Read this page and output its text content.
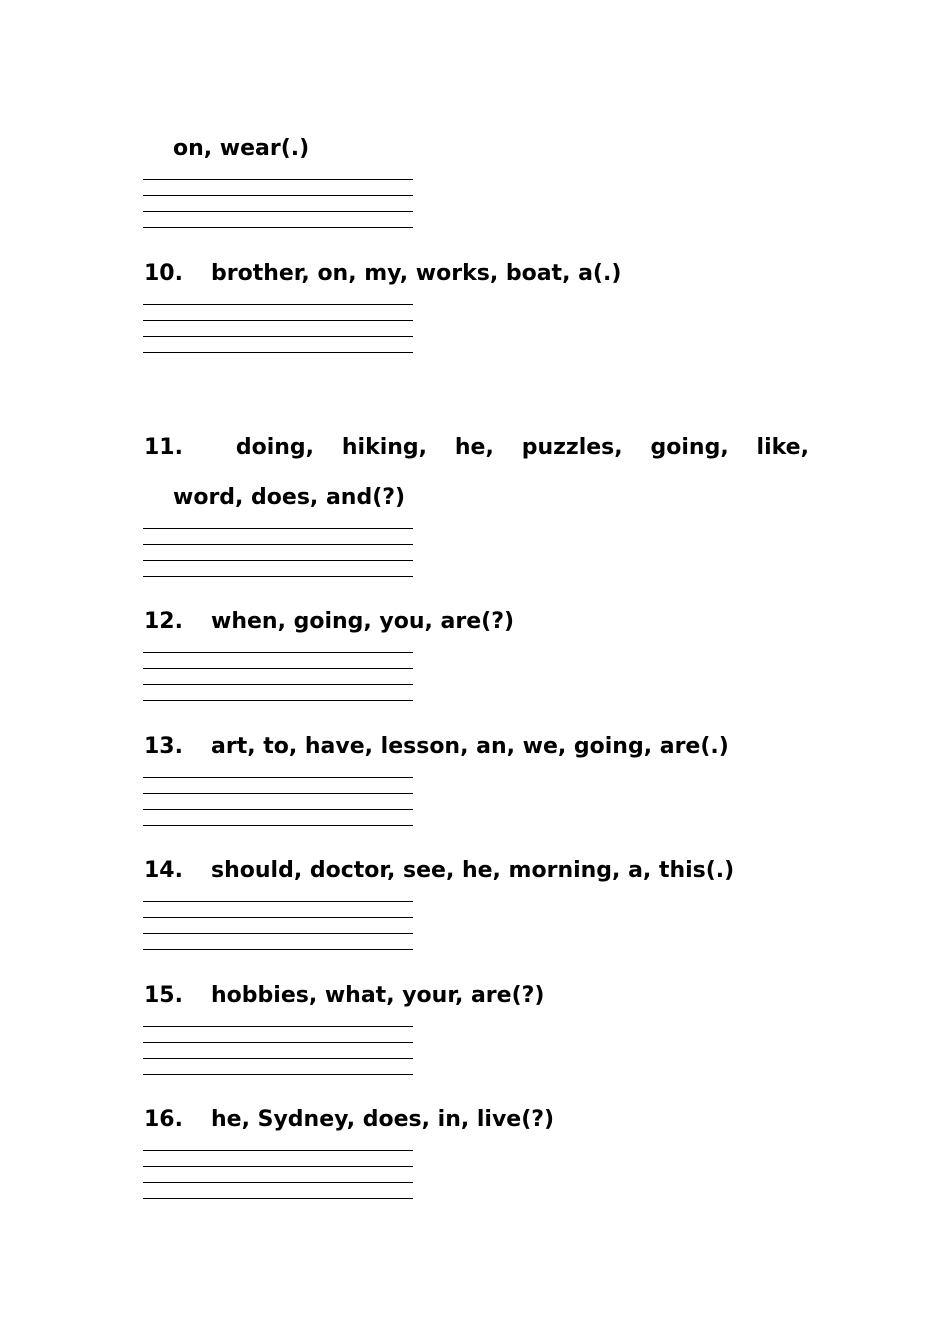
on, wear(.)
10. brother, on, my, works, boat, a(.)
11. doing, hiking, he, puzzles, going, like,
word, does, and(?)
12. when, going, you, are(?)
13. art, to, have, lesson, an, we, going, are(.)
14. should, doctor, see, he, morning, a, this(.)
15. hobbies, what, your, are(?)
16. he, Sydney, does, in, live(?)
